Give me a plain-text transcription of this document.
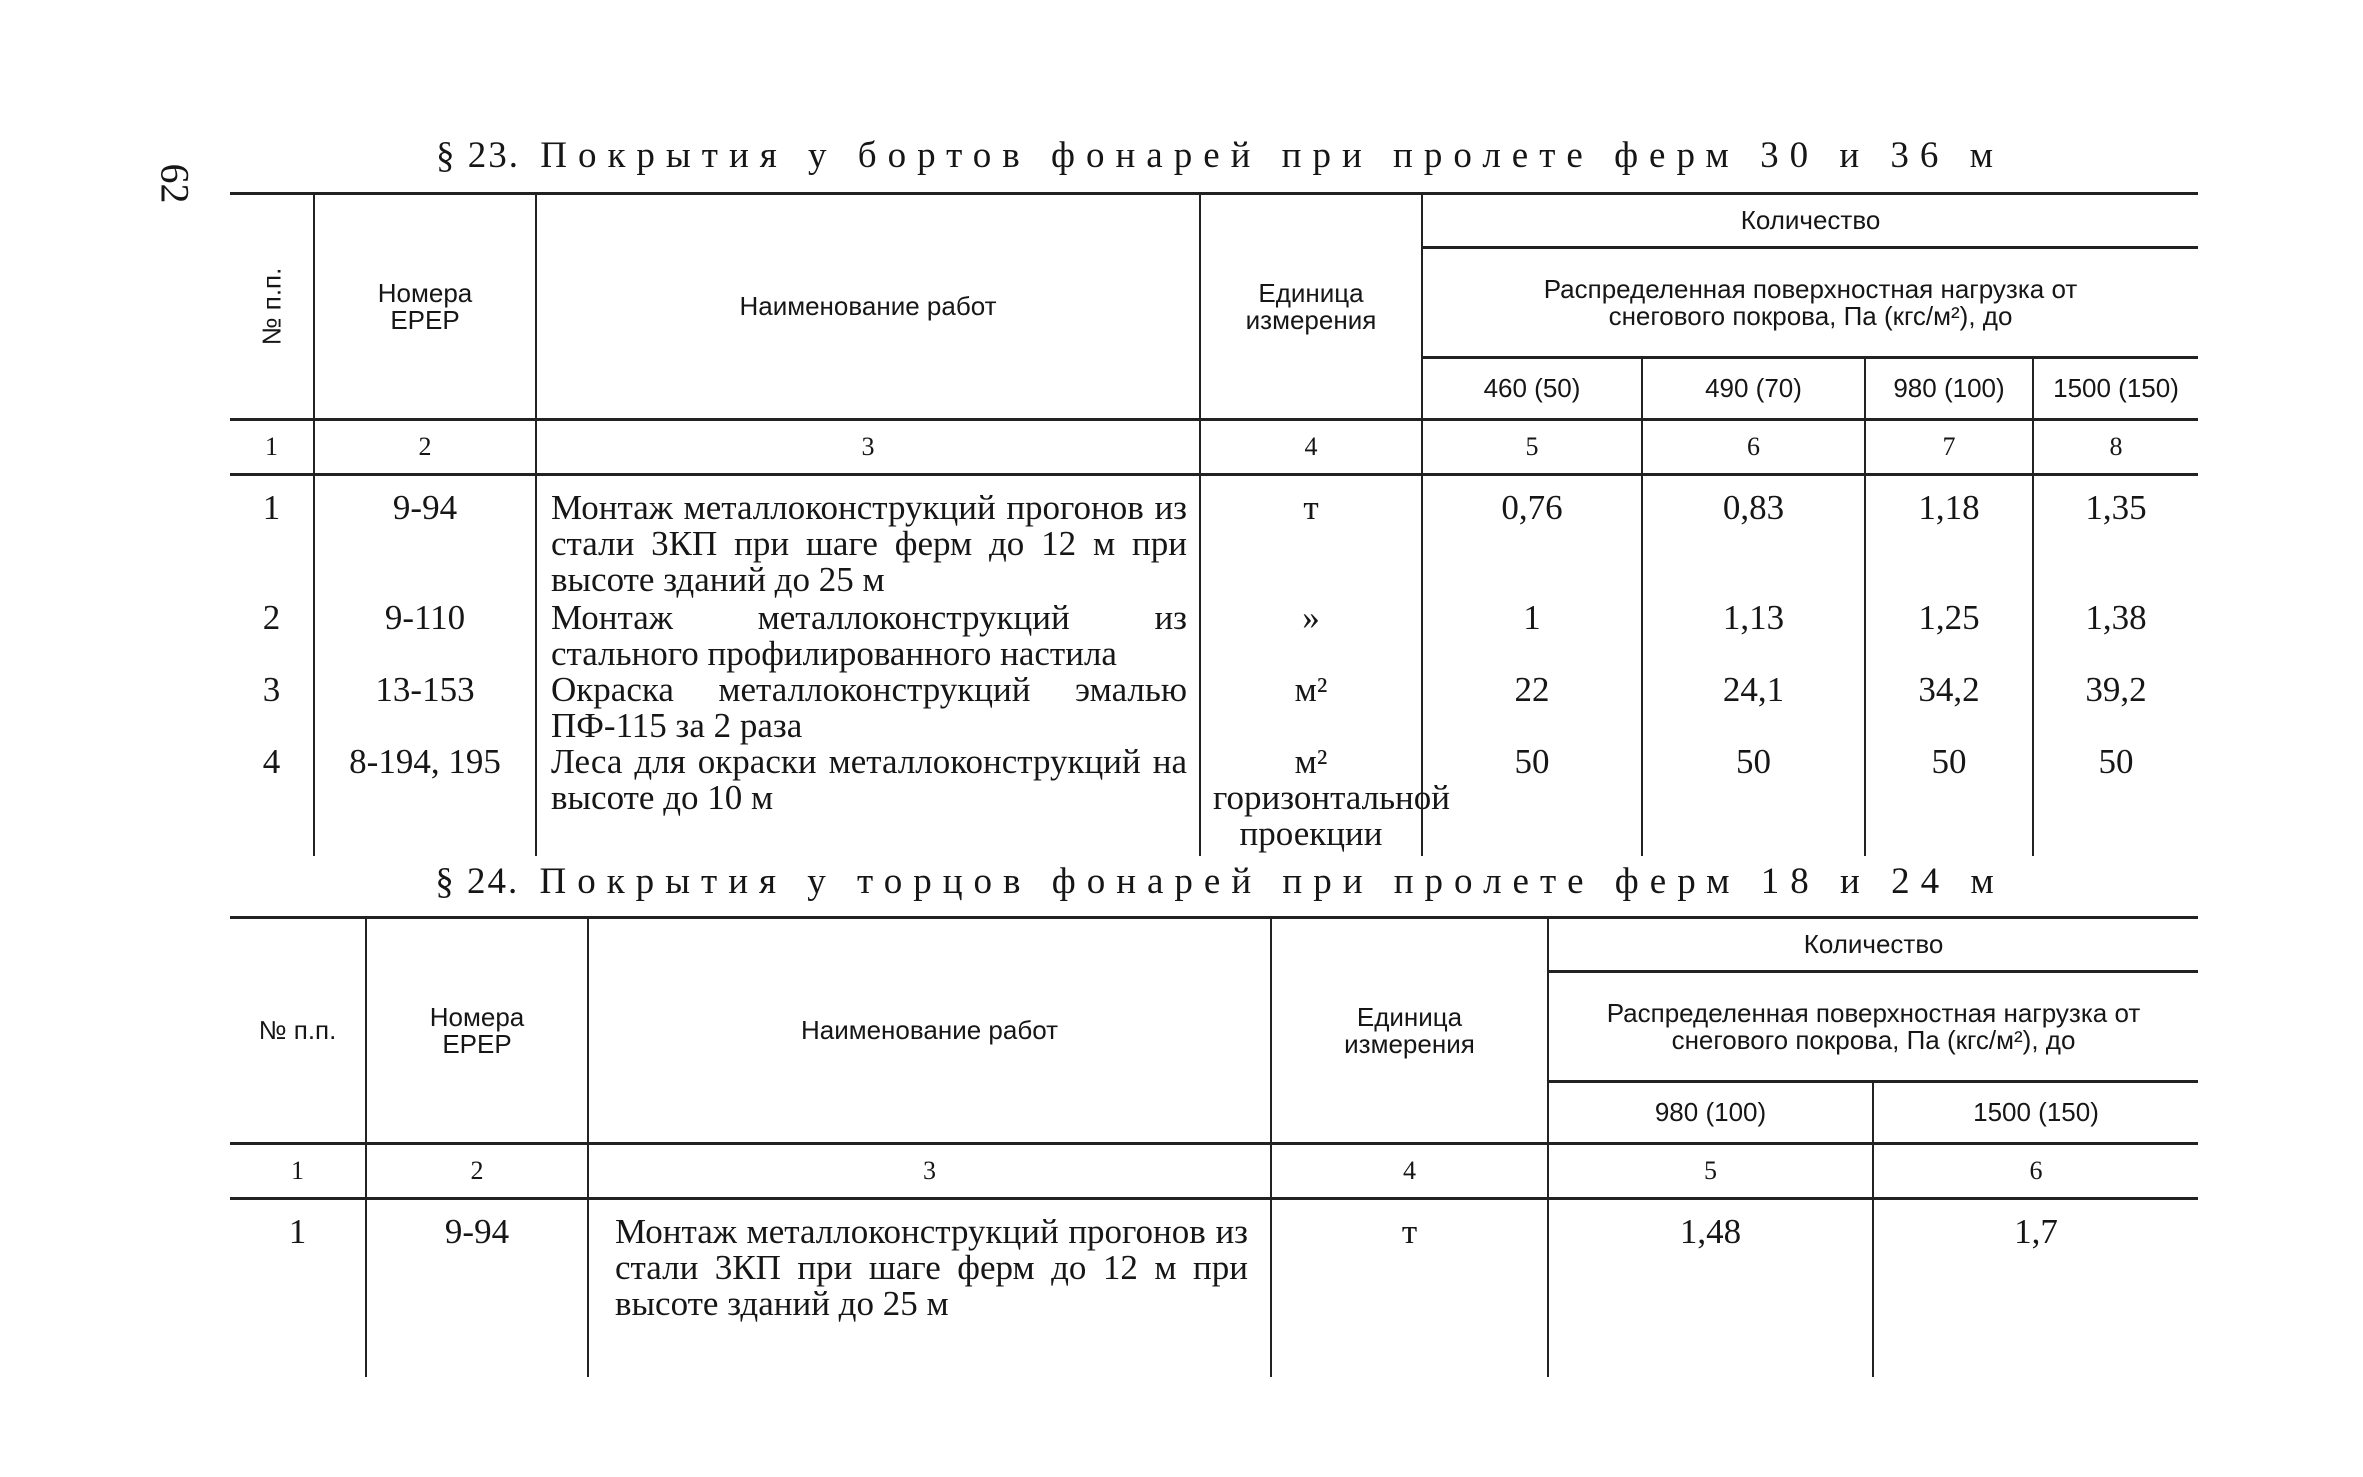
62
§ 23. Покрытия у бортов фонарей при пролете ферм 30 и 36 м
№ п.п.	Номера ЕРЕР	Наименование работ	Единица измерения	Количество			
				Распределенная поверхностная нагрузка от снегового покрова, Па (кгс/м²), до			
				460 (50)	490 (70)	980 (100)	1500 (150)
1	2	3	4	5	6	7	8
1	9-94	Монтаж металлоконструкций прогонов из стали 3КП при шаге ферм до 12 м при высоте зданий до 25 м	т	0,76	0,83	1,18	1,35
2	9-110	Монтаж металлоконструкций из стального профилированного настила	»	1	1,13	1,25	1,38
3	13-153	Окраска металлоконструкций эмалью ПФ-115 за 2 раза	м²	22	24,1	34,2	39,2
4	8-194, 195	Леса для окраски металлоконструкций на высоте до 10 м	м² горизонтальной проекции	50	50	50	50
§ 24. Покрытия у торцов фонарей при пролете ферм 18 и 24 м
№ п.п.	Номера ЕРЕР	Наименование работ	Единица измерения	Количество	
				Распределенная поверхностная нагрузка от снегового покрова, Па (кгс/м²), до	
				980 (100)	1500 (150)
1	2	3	4	5	6
1	9-94	Монтаж металлоконструкций прогонов из стали 3КП при шаге ферм до 12 м при высоте зданий до 25 м	т	1,48	1,7
